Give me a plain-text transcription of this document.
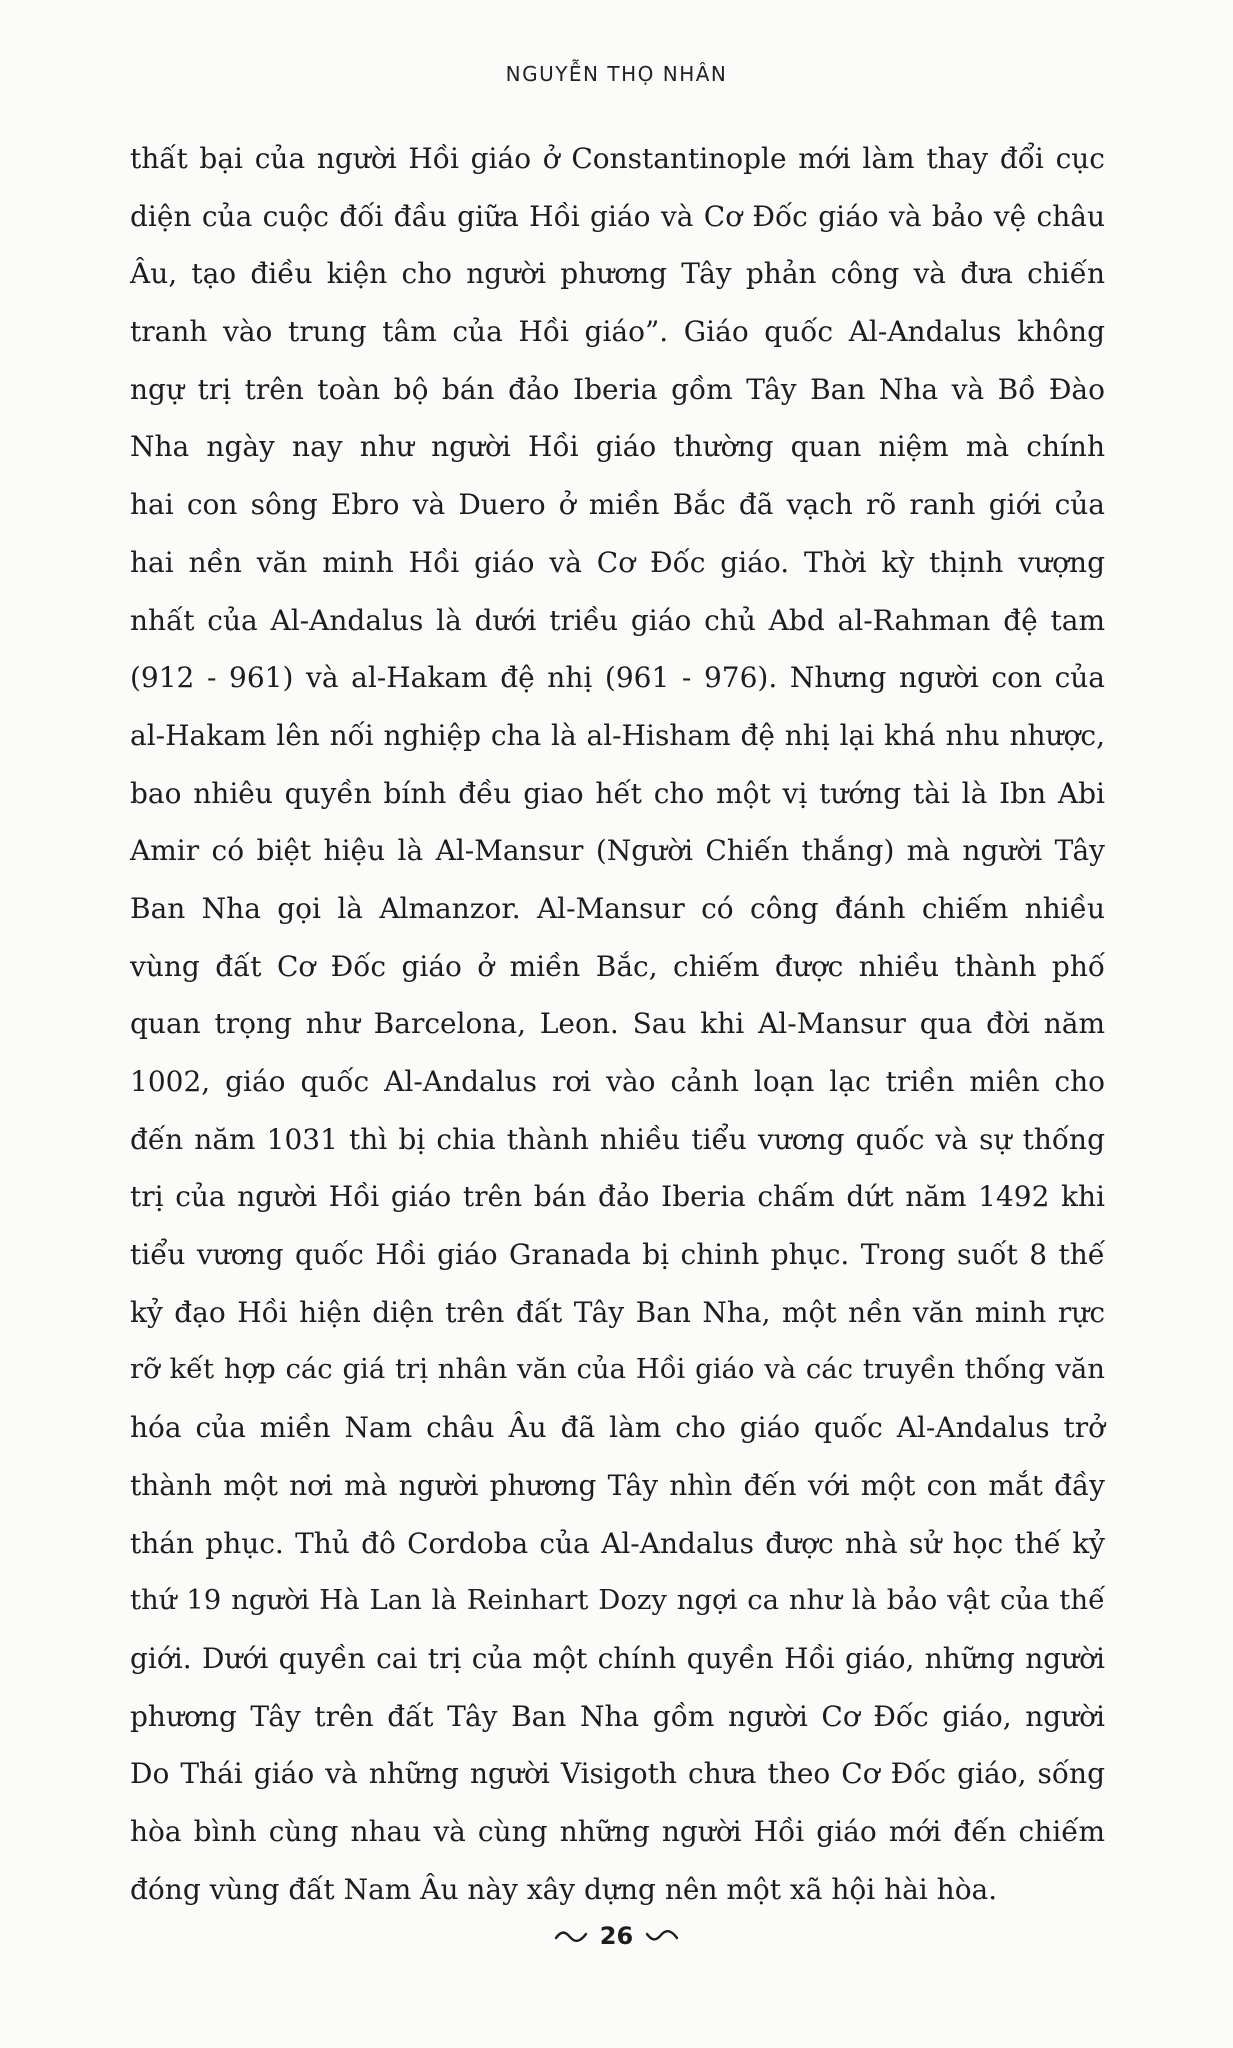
NGUYỄN THỌ NHÂN
thất bại của người Hồi giáo ở Constantinople mới làm thay đổi cục
diện của cuộc đối đầu giữa Hồi giáo và Cơ Đốc giáo và bảo vệ châu
Âu, tạo điều kiện cho người phương Tây phản công và đưa chiến
tranh vào trung tâm của Hồi giáo”. Giáo quốc Al-Andalus không
ngự trị trên toàn bộ bán đảo Iberia gồm Tây Ban Nha và Bồ Đào
Nha ngày nay như người Hồi giáo thường quan niệm mà chính
hai con sông Ebro và Duero ở miền Bắc đã vạch rõ ranh giới của
hai nền văn minh Hồi giáo và Cơ Đốc giáo. Thời kỳ thịnh vượng
nhất của Al-Andalus là dưới triều giáo chủ Abd al-Rahman đệ tam
(912 - 961) và al-Hakam đệ nhị (961 - 976). Nhưng người con của
al-Hakam lên nối nghiệp cha là al-Hisham đệ nhị lại khá nhu nhược,
bao nhiêu quyền bính đều giao hết cho một vị tướng tài là Ibn Abi
Amir có biệt hiệu là Al-Mansur (Người Chiến thắng) mà người Tây
Ban Nha gọi là Almanzor. Al-Mansur có công đánh chiếm nhiều
vùng đất Cơ Đốc giáo ở miền Bắc, chiếm được nhiều thành phố
quan trọng như Barcelona, Leon. Sau khi Al-Mansur qua đời năm
1002, giáo quốc Al-Andalus rơi vào cảnh loạn lạc triền miên cho
đến năm 1031 thì bị chia thành nhiều tiểu vương quốc và sự thống
trị của người Hồi giáo trên bán đảo Iberia chấm dứt năm 1492 khi
tiểu vương quốc Hồi giáo Granada bị chinh phục. Trong suốt 8 thế
kỷ đạo Hồi hiện diện trên đất Tây Ban Nha, một nền văn minh rực
rỡ kết hợp các giá trị nhân văn của Hồi giáo và các truyền thống văn
hóa của miền Nam châu Âu đã làm cho giáo quốc Al-Andalus trở
thành một nơi mà người phương Tây nhìn đến với một con mắt đầy
thán phục. Thủ đô Cordoba của Al-Andalus được nhà sử học thế kỷ
thứ 19 người Hà Lan là Reinhart Dozy ngợi ca như là bảo vật của thế
giới. Dưới quyền cai trị của một chính quyền Hồi giáo, những người
phương Tây trên đất Tây Ban Nha gồm người Cơ Đốc giáo, người
Do Thái giáo và những người Visigoth chưa theo Cơ Đốc giáo, sống
hòa bình cùng nhau và cùng những người Hồi giáo mới đến chiếm
đóng vùng đất Nam Âu này xây dựng nên một xã hội hài hòa.
26
